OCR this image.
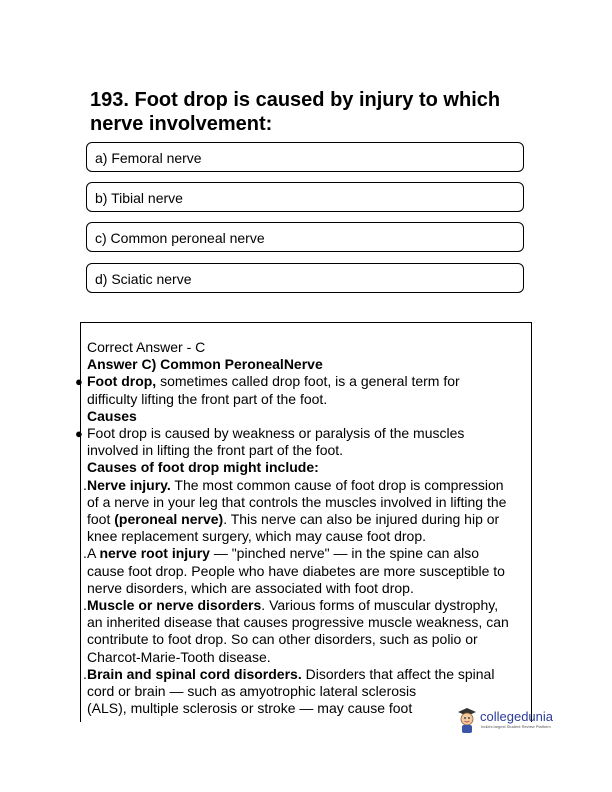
193. Foot drop is caused by injury to which nerve involvement:
a) Femoral nerve
b) Tibial nerve
c) Common peroneal nerve
d) Sciatic nerve
Correct Answer - C
Answer C) Common PeronealNerve
● Foot drop, sometimes called drop foot, is a general term for
difficulty lifting the front part of the foot.
Causes
● Foot drop is caused by weakness or paralysis of the muscles
involved in lifting the front part of the foot.
Causes of foot drop might include:
. Nerve injury. The most common cause of foot drop is compression
of a nerve in your leg that controls the muscles involved in lifting the
foot (peroneal nerve). This nerve can also be injured during hip or
knee replacement surgery, which may cause foot drop.
. A nerve root injury — "pinched nerve" — in the spine can also
cause foot drop. People who have diabetes are more susceptible to
nerve disorders, which are associated with foot drop.
. Muscle or nerve disorders. Various forms of muscular dystrophy,
an inherited disease that causes progressive muscle weakness, can
contribute to foot drop. So can other disorders, such as polio or
Charcot-Marie-Tooth disease.
. Brain and spinal cord disorders. Disorders that affect the spinal
cord or brain — such as amyotrophic lateral sclerosis
(ALS), multiple sclerosis or stroke — may cause foot
collegedunia
India's largest Student Review Platform
